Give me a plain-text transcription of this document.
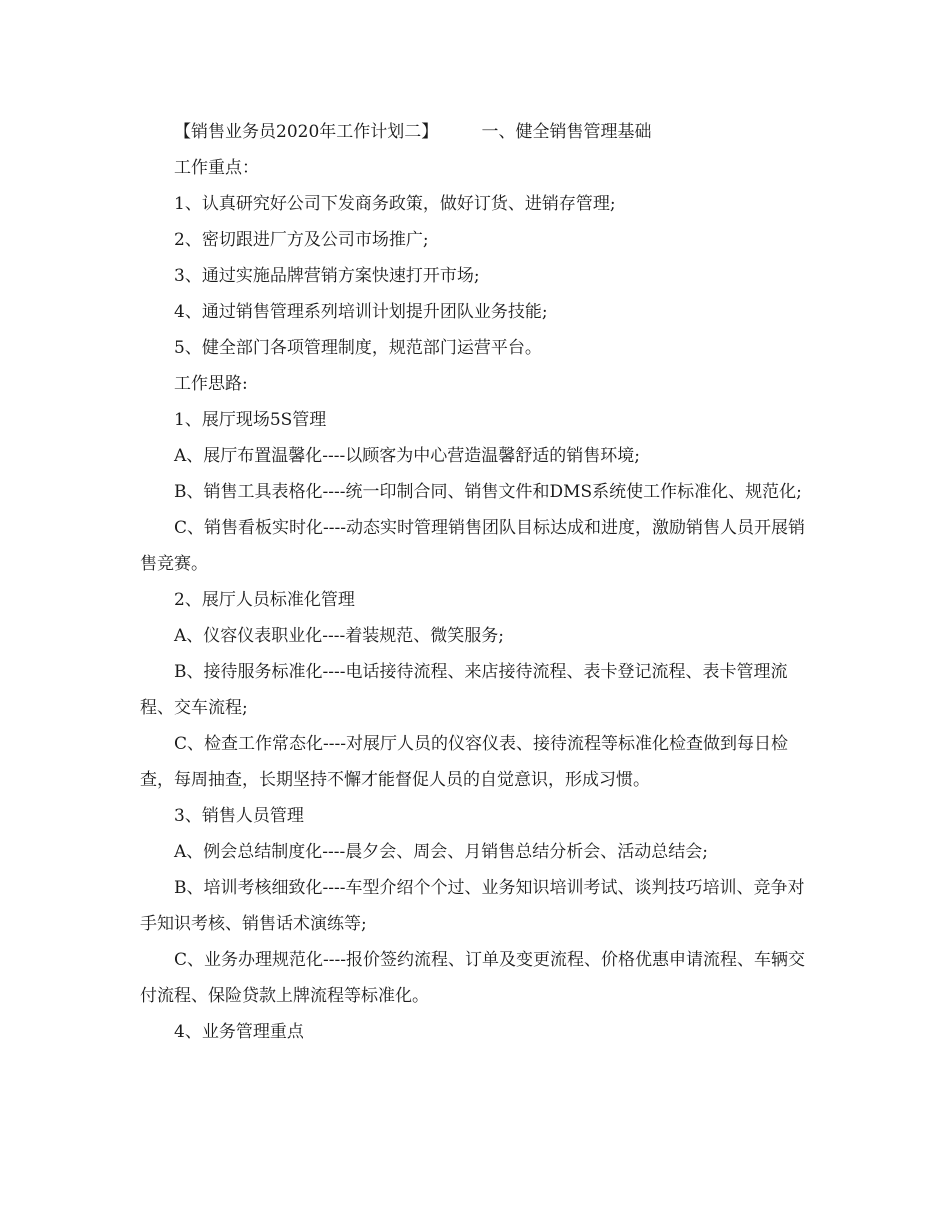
【销售业务员2020年工作计划二】        一、健全销售管理基础

工作重点：

1、认真研究好公司下发商务政策，做好订货、进销存管理;

2、密切跟进厂方及公司市场推广;

3、通过实施品牌营销方案快速打开市场;

4、通过销售管理系列培训计划提升团队业务技能;

5、健全部门各项管理制度，规范部门运营平台。

工作思路:

1、展厅现场5S管理

A、展厅布置温馨化----以顾客为中心营造温馨舒适的销售环境;

B、销售工具表格化----统一印制合同、销售文件和DMS系统使工作标准化、规范化;

C、销售看板实时化----动态实时管理销售团队目标达成和进度，激励销售人员开展销售竞赛。

2、展厅人员标准化管理

A、仪容仪表职业化----着装规范、微笑服务;

B、接待服务标准化----电话接待流程、来店接待流程、表卡登记流程、表卡管理流程、交车流程;

C、检查工作常态化----对展厅人员的仪容仪表、接待流程等标准化检查做到每日检查，每周抽查，长期坚持不懈才能督促人员的自觉意识，形成习惯。

3、销售人员管理

A、例会总结制度化----晨夕会、周会、月销售总结分析会、活动总结会;

B、培训考核细致化----车型介绍个个过、业务知识培训考试、谈判技巧培训、竞争对手知识考核、销售话术演练等;

C、业务办理规范化----报价签约流程、订单及变更流程、价格优惠申请流程、车辆交付流程、保险贷款上牌流程等标准化。

4、业务管理重点
